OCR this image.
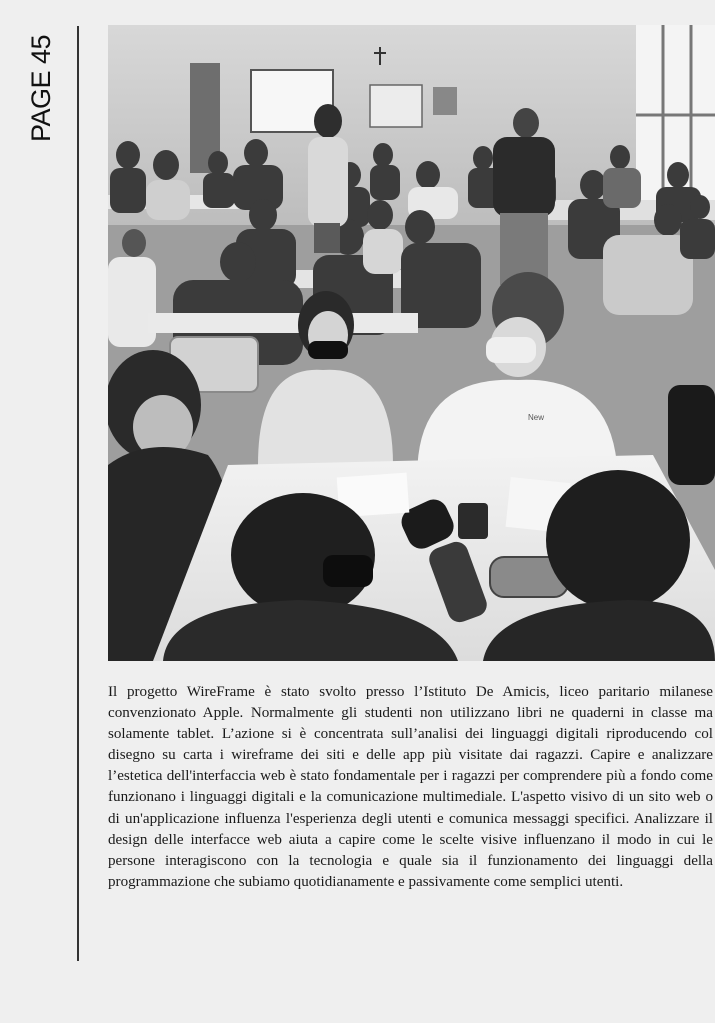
PAGE 45
New

Il progetto WireFrame è stato svolto presso l’Istituto De Amicis, liceo paritario milanese convenzionato Apple. Normalmente gli studenti non utilizzano libri ne quaderni in classe ma solamente tablet. L’azione si è concentrata sull’analisi dei linguaggi digitali riproducendo col disegno su carta i wireframe dei siti e delle app più visitate dai ragazzi. Capire e analizzare l’estetica dell'interfaccia web è stato fondamentale per i ragazzi per comprendere più a fondo come funzionano i linguaggi digitali e la comunicazione multimediale. L'aspetto visivo di un sito web o di un'applicazione influenza l'esperienza degli utenti e comunica messaggi specifici. Analizzare il design delle interfacce web aiuta a capire come le scelte visive influenzano il modo in cui le persone interagiscono con la tecnologia e quale sia il funzionamento dei linguaggi della programmazione che subiamo quotidianamente e passivamente come semplici utenti.
